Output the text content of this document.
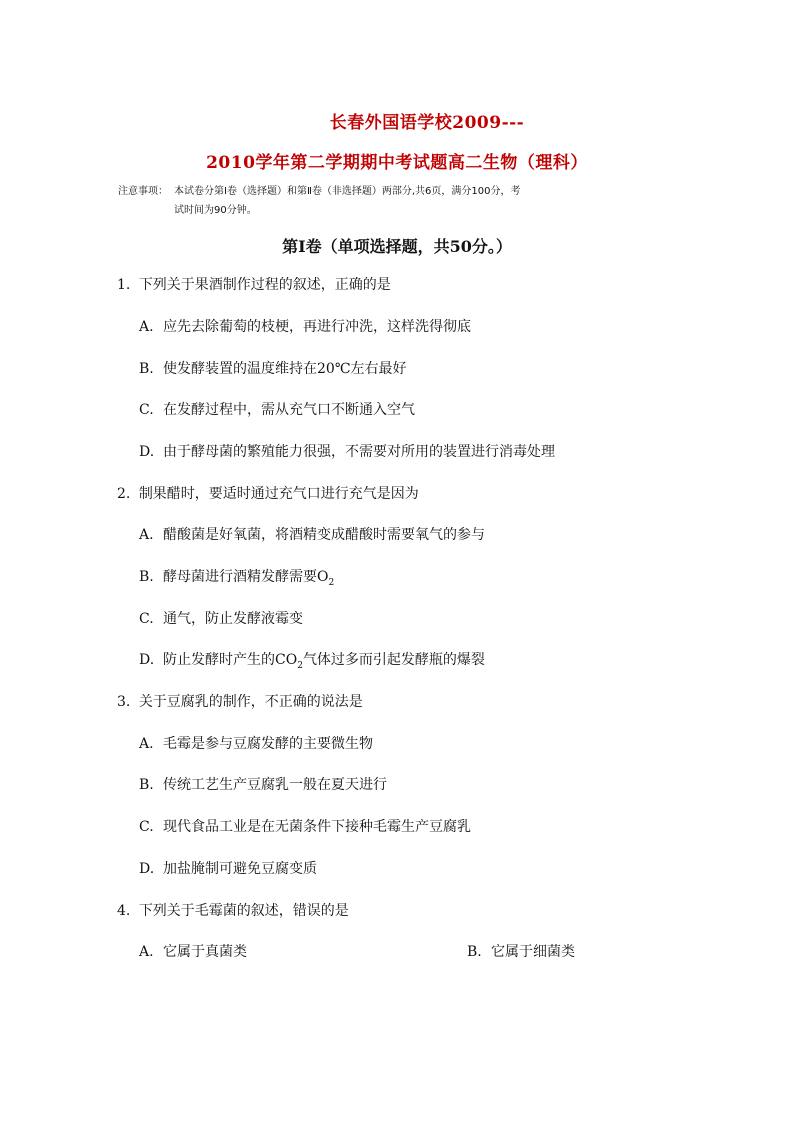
长春外国语学校2009---
2010学年第二学期期中考试题高二生物（理科）
注意事项： 本试卷分第Ⅰ卷（选择题）和第Ⅱ卷（非选择题）两部分,共6页，满分100分，考
试时间为90分钟。
第Ⅰ卷（单项选择题，共50分。）
1. 下列关于果酒制作过程的叙述，正确的是
A. 应先去除葡萄的枝梗，再进行冲洗，这样洗得彻底
B. 使发酵装置的温度维持在20℃左右最好
C. 在发酵过程中，需从充气口不断通入空气
D. 由于酵母菌的繁殖能力很强，不需要对所用的装置进行消毒处理
2. 制果醋时，要适时通过充气口进行充气是因为
A. 醋酸菌是好氧菌，将酒精变成醋酸时需要氧气的参与
B. 酵母菌进行酒精发酵需要$O_2$
C. 通气，防止发酵液霉变
D. 防止发酵时产生的$CO_2$气体过多而引起发酵瓶的爆裂
3. 关于豆腐乳的制作，不正确的说法是
A. 毛霉是参与豆腐发酵的主要微生物
B. 传统工艺生产豆腐乳一般在夏天进行
C. 现代食品工业是在无菌条件下接种毛霉生产豆腐乳
D. 加盐腌制可避免豆腐变质
4. 下列关于毛霉菌的叙述，错误的是
A. 它属于真菌类	B. 它属于细菌类
